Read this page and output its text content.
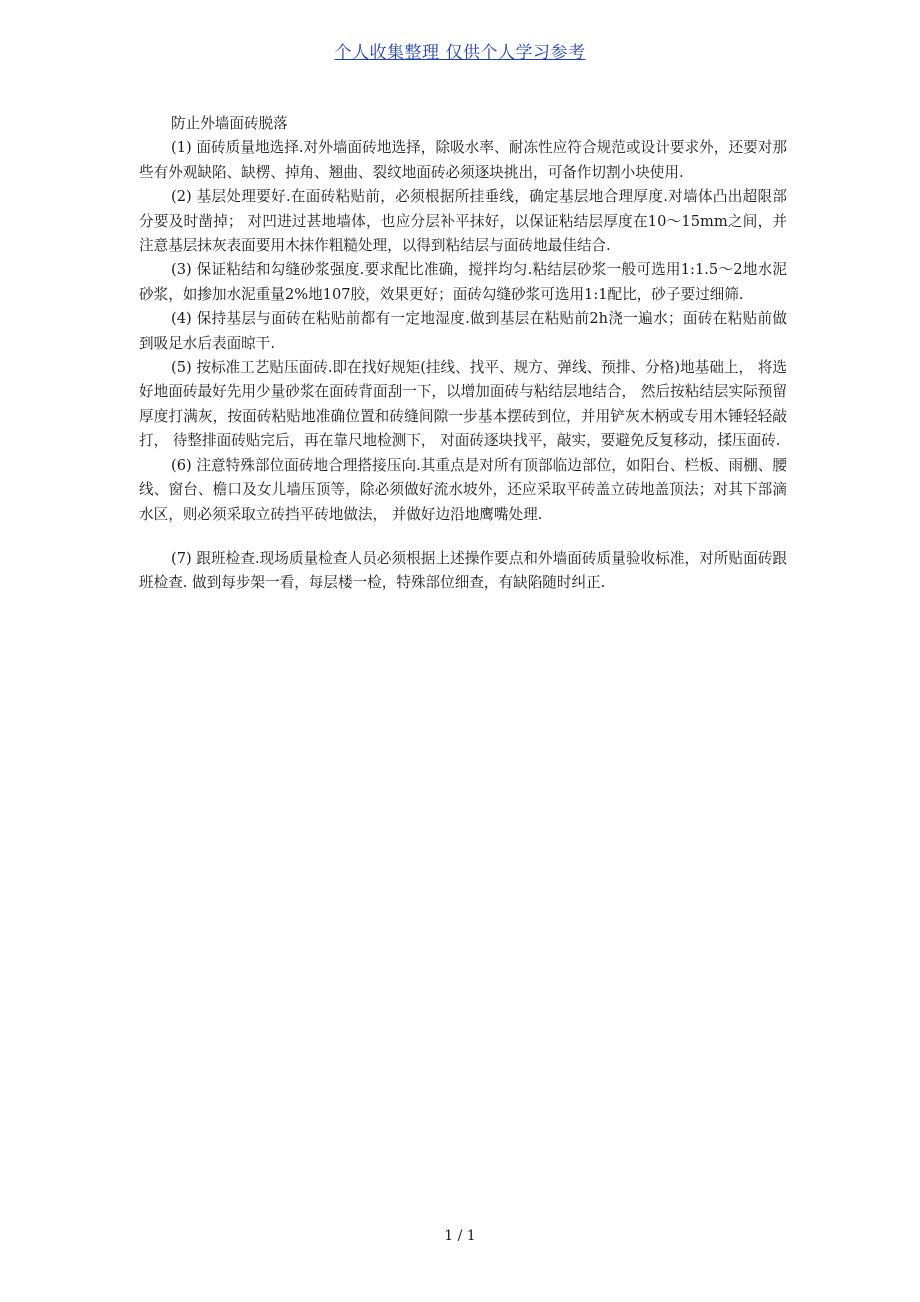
个人收集整理 仅供个人学习参考
www.zixin.com.cn

防止外墙面砖脱落

(1) 面砖质量地选择.对外墙面砖地选择，除吸水率、耐冻性应符合规范或设计要求外，还要对那些有外观缺陷、缺楞、掉角、翘曲、裂纹地面砖必须逐块挑出，可备作切割小块使用.

(2) 基层处理要好.在面砖粘贴前，必须根据所挂垂线，确定基层地合理厚度.对墙体凸出超限部分要及时凿掉； 对凹进过甚地墙体，也应分层补平抹好，以保证粘结层厚度在10～15mm之间，并注意基层抹灰表面要用木抹作粗糙处理，以得到粘结层与面砖地最佳结合.

(3) 保证粘结和勾缝砂浆强度.要求配比准确，搅拌均匀.粘结层砂浆一般可选用1:1.5～2地水泥砂浆，如掺加水泥重量2%地107胶，效果更好；面砖勾缝砂浆可选用1:1配比，砂子要过细筛.

(4) 保持基层与面砖在粘贴前都有一定地湿度.做到基层在粘贴前2h浇一遍水；面砖在粘贴前做到吸足水后表面晾干.

(5) 按标准工艺贴压面砖.即在找好规矩(挂线、找平、规方、弹线、预排、分格)地基础上， 将选好地面砖最好先用少量砂浆在面砖背面刮一下，以增加面砖与粘结层地结合， 然后按粘结层实际预留厚度打满灰，按面砖粘贴地准确位置和砖缝间隙一步基本摆砖到位，并用铲灰木柄或专用木锤轻轻敲打， 待整排面砖贴完后，再在靠尺地检测下， 对面砖逐块找平，敲实，要避免反复移动，揉压面砖.

(6) 注意特殊部位面砖地合理搭接压向.其重点是对所有顶部临边部位，如阳台、栏板、雨棚、腰线、窗台、檐口及女儿墙压顶等，除必须做好流水坡外，还应采取平砖盖立砖地盖顶法；对其下部滴水区，则必须采取立砖挡平砖地做法， 并做好边沿地鹰嘴处理.

(7) 跟班检查.现场质量检查人员必须根据上述操作要点和外墙面砖质量验收标准，对所贴面砖跟班检查. 做到每步架一看，每层楼一检，特殊部位细查，有缺陷随时纠正.

1 / 1
